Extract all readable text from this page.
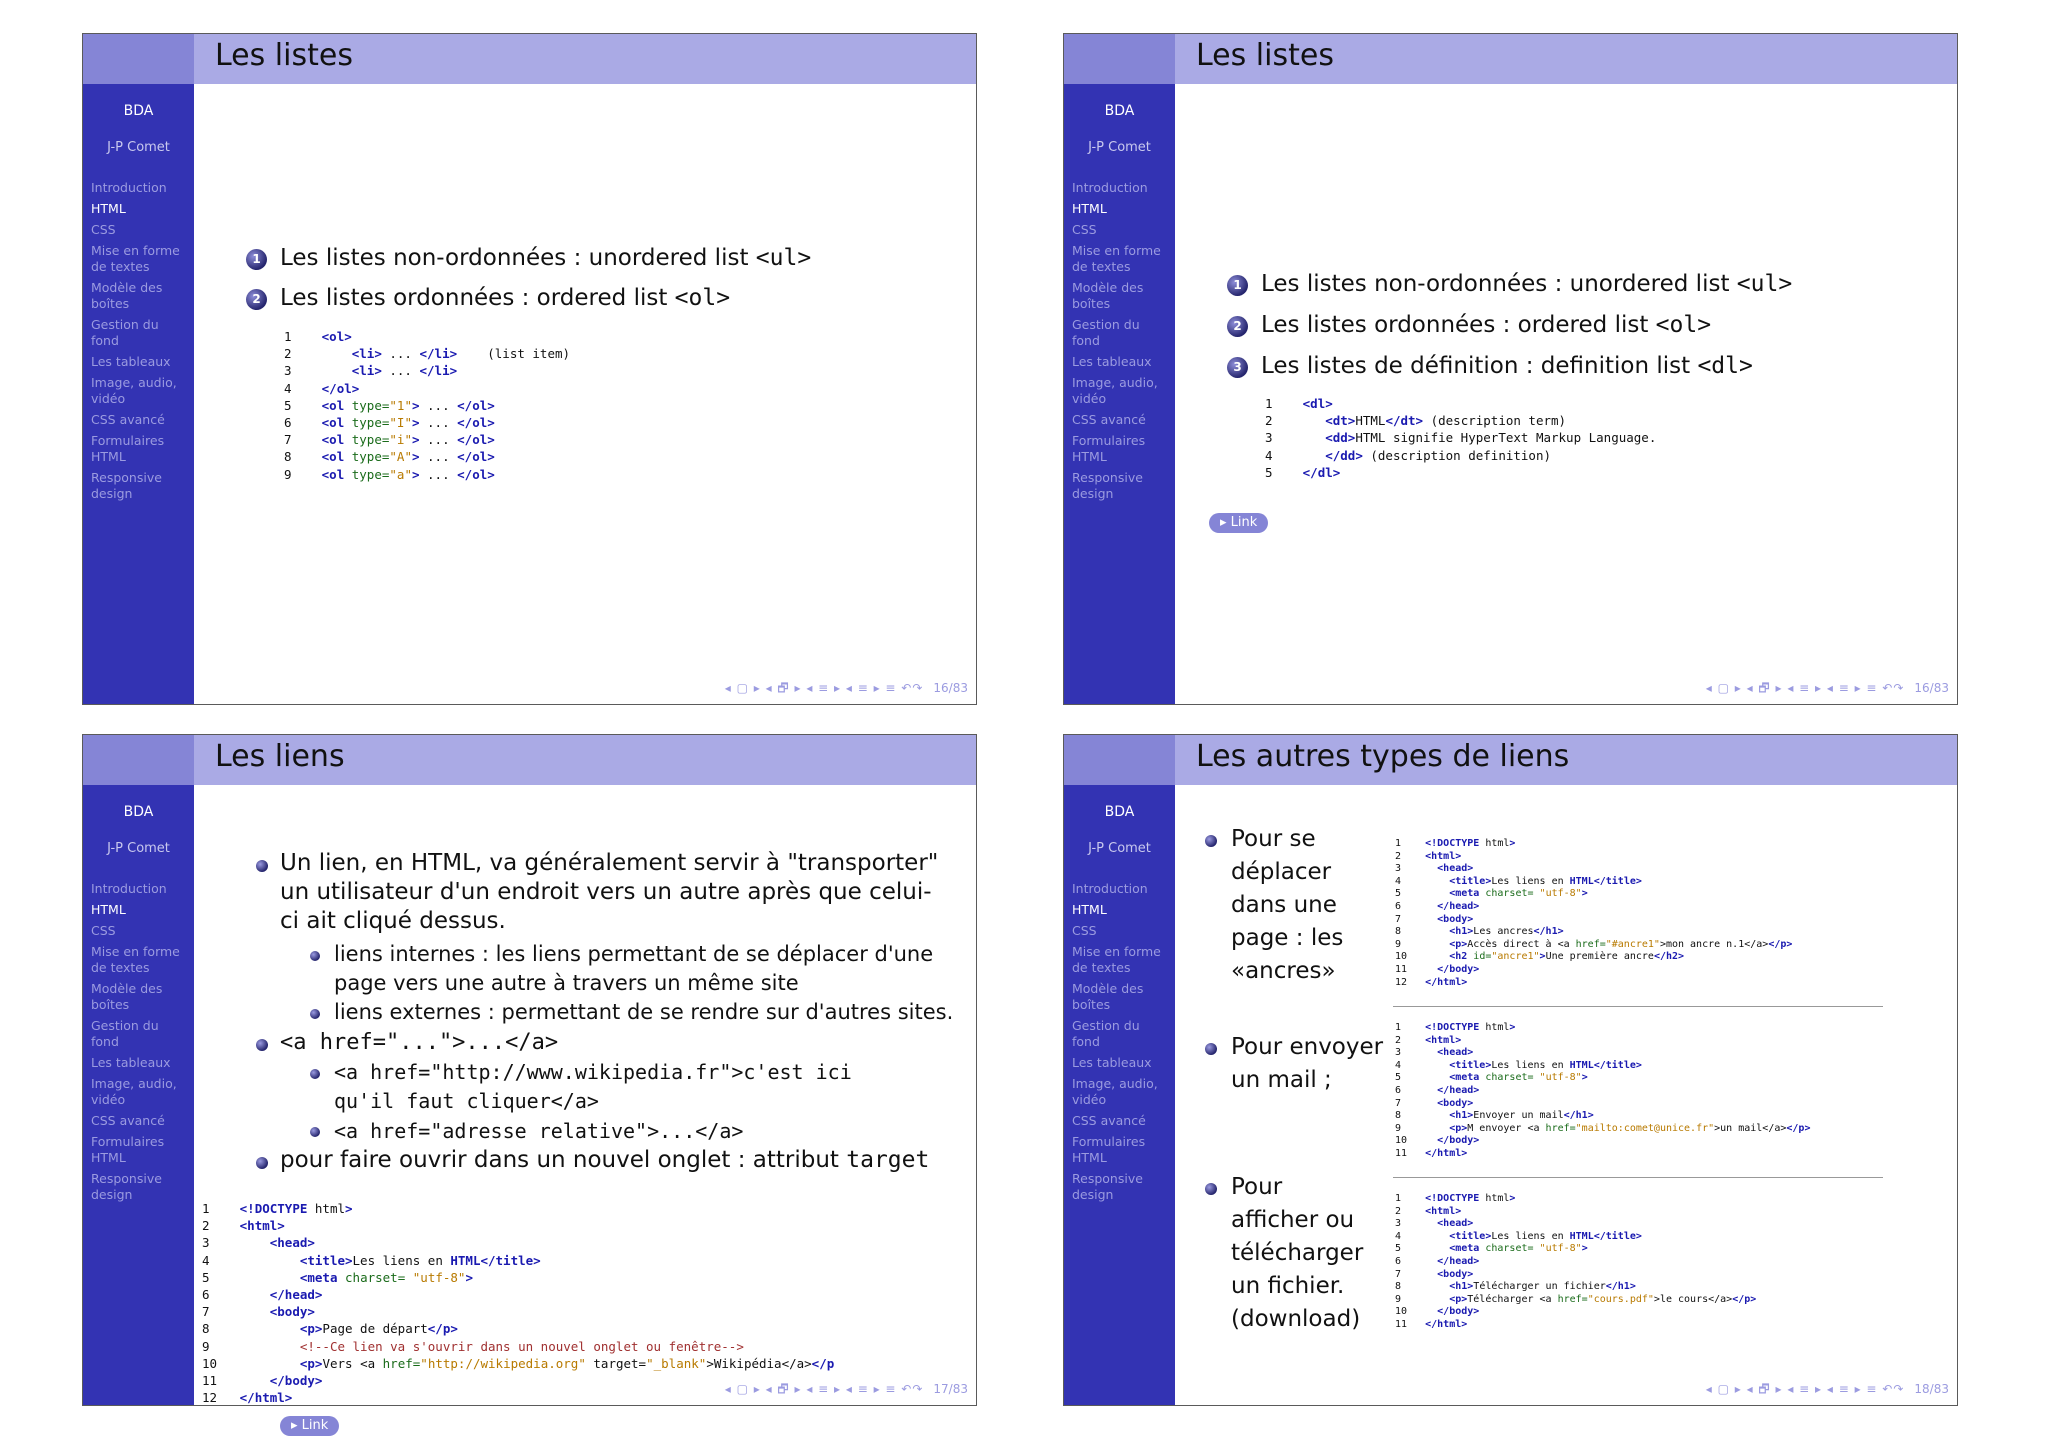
BDA
J-P Comet
Introduction
HTML
CSS
Mise en forme
de textes
Modèle des
boîtes
Gestion du
fond
Les tableaux
Image, audio,
vidéo
CSS avancé
Formulaires
HTML
Responsive
design
Les listes
1 Les listes non-ordonnées : unordered list <ul>
2 Les listes ordonnées : ordered list <ol>
1 <ol>
2	<li> ... </li>    (list item)
3	<li> ... </li>
4 </ol>
5 <ol type="1"> ... </ol>
6 <ol type="I"> ... </ol>
7 <ol type="i"> ... </ol>
8 <ol type="A"> ... </ol>
9 <ol type="a"> ... </ol>
◂ ▢ ▸ ◂ 🗗 ▸ ◂ ≡ ▸ ◂ ≡ ▸ ≡ ↶↷ 16/83
BDA
J-P Comet
Introduction
HTML
CSS
Mise en forme
de textes
Modèle des
boîtes
Gestion du
fond
Les tableaux
Image, audio,
vidéo
CSS avancé
Formulaires
HTML
Responsive
design
Les listes
1 Les listes non-ordonnées : unordered list <ul>
2 Les listes ordonnées : ordered list <ol>
3 Les listes de définition : definition list <dl>
1 <dl>
2	<dt>HTML</dt> (description term)
3	<dd>HTML signifie HyperText Markup Language.
4	</dd> (description definition)
5 </dl>
▸ Link
◂ ▢ ▸ ◂ 🗗 ▸ ◂ ≡ ▸ ◂ ≡ ▸ ≡ ↶↷ 16/83
BDA
J-P Comet
Introduction
HTML
CSS
Mise en forme
de textes
Modèle des
boîtes
Gestion du
fond
Les tableaux
Image, audio,
vidéo
CSS avancé
Formulaires
HTML
Responsive
design
Les liens
Un lien, en HTML, va généralement servir à "transporter" un utilisateur d'un endroit vers un autre après que celui-ci ait cliqué dessus.
liens internes : les liens permettant de se déplacer d'une page vers une autre à travers un même site
liens externes : permettant de se rendre sur d'autres sites.
<a href="...">...</a>
<a href="http://www.wikipedia.fr">c'est ici qu'il faut cliquer</a>
<a href="adresse relative">...</a>
pour faire ouvrir dans un nouvel onglet : attribut target
1 <!DOCTYPE html>
2 <html>
3	<head>
4	<title>Les liens en HTML</title>
5	<meta charset= "utf-8">
6	</head>
7	<body>
8	<p>Page de départ</p>
9	<!--Ce lien va s'ouvrir dans un nouvel onglet ou fenêtre-->
10	<p>Vers <a href="http://wikipedia.org" target="_blank">Wikipédia</a></p
11	</body>
12 </html>
▸ Link
◂ ▢ ▸ ◂ 🗗 ▸ ◂ ≡ ▸ ◂ ≡ ▸ ≡ ↶↷ 17/83
BDA
J-P Comet
Introduction
HTML
CSS
Mise en forme
de textes
Modèle des
boîtes
Gestion du
fond
Les tableaux
Image, audio,
vidéo
CSS avancé
Formulaires
HTML
Responsive
design
Les autres types de liens
Pour se déplacer dans une page : les «ancres»
Pour envoyer un mail ;
Pour afficher ou télécharger un fichier. (download)
1 <!DOCTYPE html>
2 <html>
3	<head>
4	<title>Les liens en HTML</title>
5	<meta charset= "utf-8">
6	</head>
7	<body>
8	<h1>Les ancres</h1>
9	<p>Accès direct à <a href="#ancre1">mon ancre n.1</a></p>
10	<h2 id="ancre1">Une première ancre</h2>
11	</body>
12 </html>
1 <!DOCTYPE html>
2 <html>
3	<head>
4	<title>Les liens en HTML</title>
5	<meta charset= "utf-8">
6	</head>
7	<body>
8	<h1>Envoyer un mail</h1>
9	<p>M envoyer <a href="mailto:comet@unice.fr">un mail</a></p>
10	</body>
11 </html>
1 <!DOCTYPE html>
2 <html>
3	<head>
4	<title>Les liens en HTML</title>
5	<meta charset= "utf-8">
6	</head>
7	<body>
8	<h1>Télécharger un fichier</h1>
9	<p>Télécharger <a href="cours.pdf">le cours</a></p>
10	</body>
11 </html>
◂ ▢ ▸ ◂ 🗗 ▸ ◂ ≡ ▸ ◂ ≡ ▸ ≡ ↶↷ 18/83
